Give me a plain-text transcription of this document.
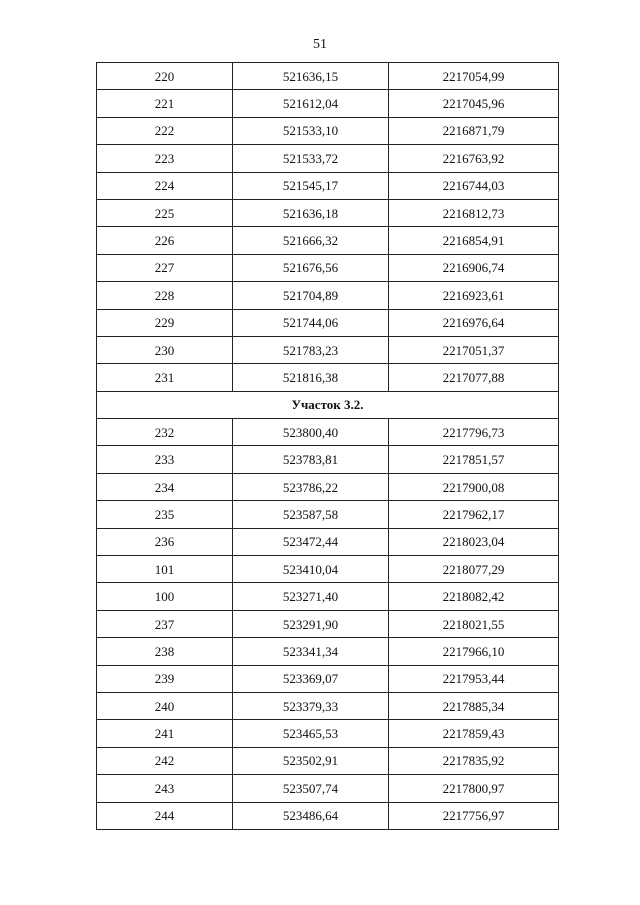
51
220	521636,15	2217054,99
221	521612,04	2217045,96
222	521533,10	2216871,79
223	521533,72	2216763,92
224	521545,17	2216744,03
225	521636,18	2216812,73
226	521666,32	2216854,91
227	521676,56	2216906,74
228	521704,89	2216923,61
229	521744,06	2216976,64
230	521783,23	2217051,37
231	521816,38	2217077,88
Участок 3.2.		
232	523800,40	2217796,73
233	523783,81	2217851,57
234	523786,22	2217900,08
235	523587,58	2217962,17
236	523472,44	2218023,04
101	523410,04	2218077,29
100	523271,40	2218082,42
237	523291,90	2218021,55
238	523341,34	2217966,10
239	523369,07	2217953,44
240	523379,33	2217885,34
241	523465,53	2217859,43
242	523502,91	2217835,92
243	523507,74	2217800,97
244	523486,64	2217756,97
